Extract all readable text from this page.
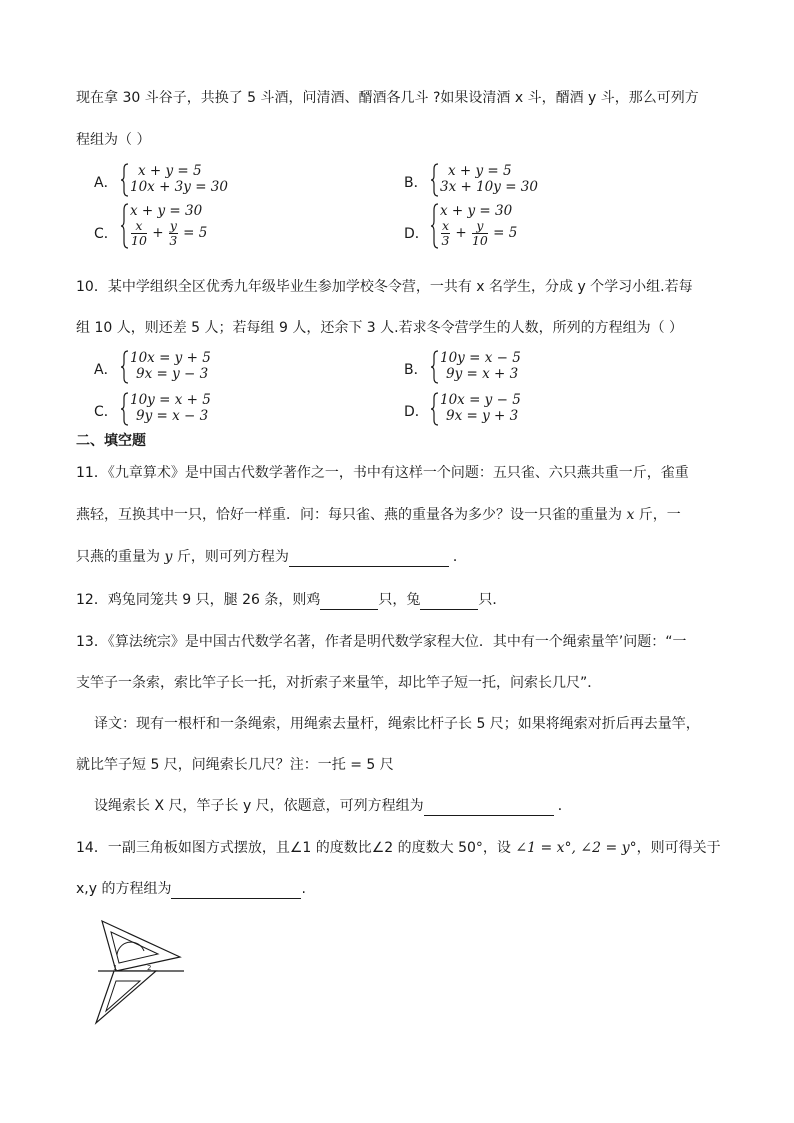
现在拿 30 斗谷子，共换了 5 斗酒，问清酒、醑酒各几斗 ?如果设清酒 x 斗，醑酒 y 斗，那么可列方
程组为（ ）
A．
x + y = 5
10x + 3y = 30	B．
x + y = 5
3x + 10y = 30
C．
x + y = 30
$\frac{x}{10} + \frac{y}{3} = 5$	D．
x + y = 30
$\frac{x}{3} + \frac{y}{10} = 5$
10．某中学组织全区优秀九年级毕业生参加学校冬令营，一共有 x 名学生，分成 y 个学习小组.若每
组 10 人，则还差 5 人；若每组 9 人，还余下 3 人.若求冬令营学生的人数，所列的方程组为（ ）
A．
10x = y + 5
9x = y − 3	B．
10y = x − 5
9y = x + 3
C．
10y = x + 5
9y = x − 3	D．
10x = y − 5
9x = y + 3
二、填空题
11．《九章算术》是中国古代数学著作之一，书中有这样一个问题：五只雀、六只燕共重一斤，雀重
燕轻，互换其中一只，恰好一样重．问：每只雀、燕的重量各为多少？设一只雀的重量为 x 斤，一
只燕的重量为 y 斤，则可列方程为	．
12．鸡兔同笼共 9 只，腿 26 条，则鸡	只，兔	只．
13．《算法统宗》是中国古代数学名著，作者是明代数学家程大位．其中有一个绳索量竿’问题：“一
支竿子一条索，索比竿子长一托，对折索子来量竿，却比竿子短一托，问索长几尺”．
译文：现有一根杆和一条绳索，用绳索去量杆，绳索比杆子长 5 尺；如果将绳索对折后再去量竿，
就比竿子短 5 尺，问绳索长几尺？注：一托 = 5 尺
设绳索长 X 尺，竿子长 y 尺，依题意，可列方程组为	．
14．一副三角板如图方式摆放，且∠1 的度数比∠2 的度数大 50°，设 ∠1 = x°, ∠2 = y°，则可得关于
x,y 的方程组为	.
1	2
